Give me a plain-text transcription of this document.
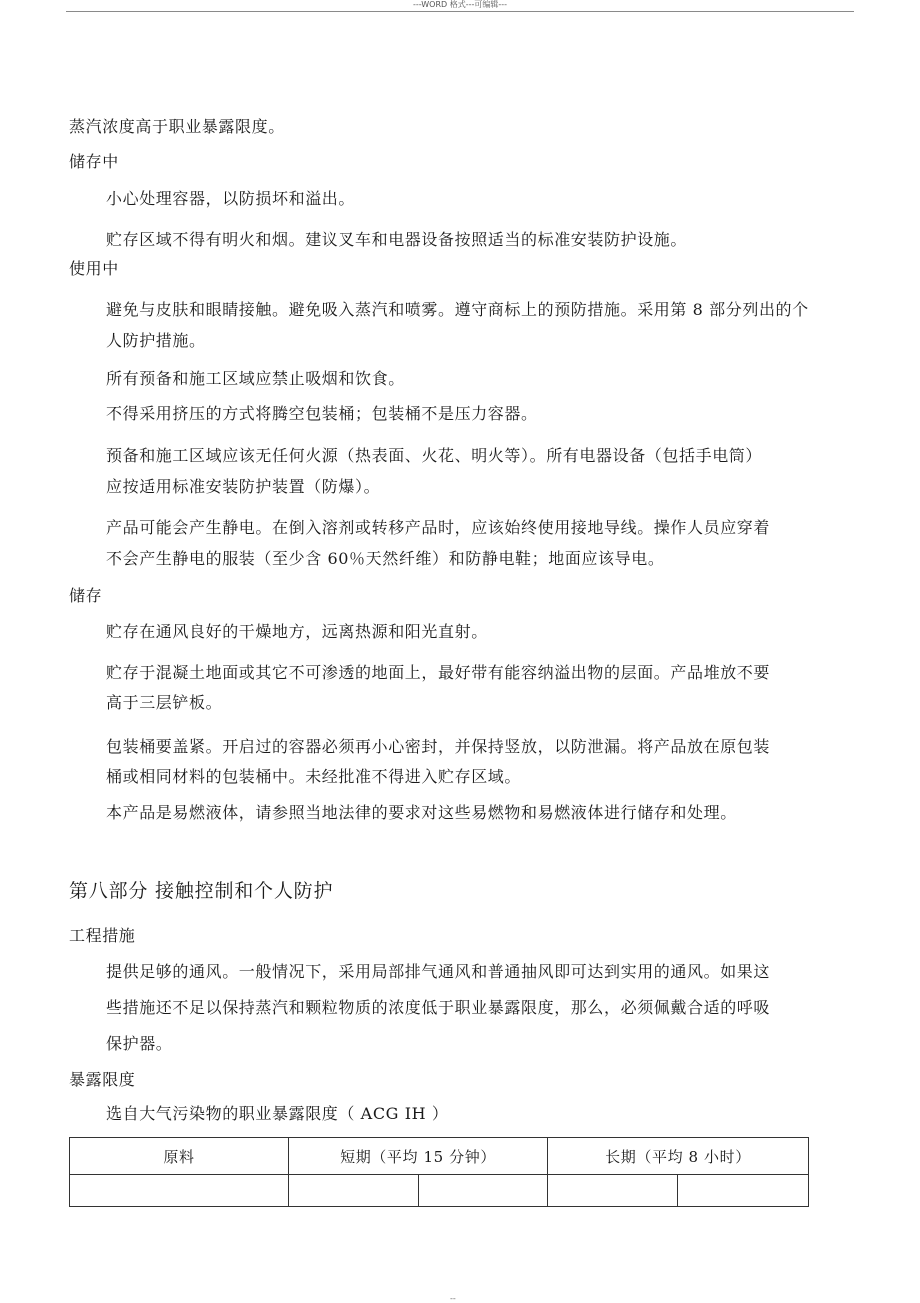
---WORD 格式---可编辑---
蒸汽浓度高于职业暴露限度。
储存中
小心处理容器，以防损坏和溢出。
贮存区域不得有明火和烟。建议叉车和电器设备按照适当的标准安装防护设施。
使用中
避免与皮肤和眼睛接触。避免吸入蒸汽和喷雾。遵守商标上的预防措施。采用第 8 部分列出的个
人防护措施。
所有预备和施工区域应禁止吸烟和饮食。
不得采用挤压的方式将腾空包装桶；包装桶不是压力容器。
预备和施工区域应该无任何火源（热表面、火花、明火等）。所有电器设备（包括手电筒）
应按适用标准安装防护装置（防爆）。
产品可能会产生静电。在倒入溶剂或转移产品时，应该始终使用接地导线。操作人员应穿着
不会产生静电的服装（至少含 60％天然纤维）和防静电鞋；地面应该导电。
储存
贮存在通风良好的干燥地方，远离热源和阳光直射。
贮存于混凝土地面或其它不可渗透的地面上，最好带有能容纳溢出物的层面。产品堆放不要
高于三层铲板。
包装桶要盖紧。开启过的容器必须再小心密封，并保持竖放，以防泄漏。将产品放在原包装
桶或相同材料的包装桶中。未经批准不得进入贮存区域。
本产品是易燃液体，请参照当地法律的要求对这些易燃物和易燃液体进行储存和处理。
第八部分 接触控制和个人防护
工程措施
提供足够的通风。一般情况下，采用局部排气通风和普通抽风即可达到实用的通风。如果这
些措施还不足以保持蒸汽和颗粒物质的浓度低于职业暴露限度，那么，必须佩戴合适的呼吸
保护器。
暴露限度
选自大气污染物的职业暴露限度（ ACG IH ）
原料	短期（平均 15 分钟）		长期（平均 8 小时）	

--
